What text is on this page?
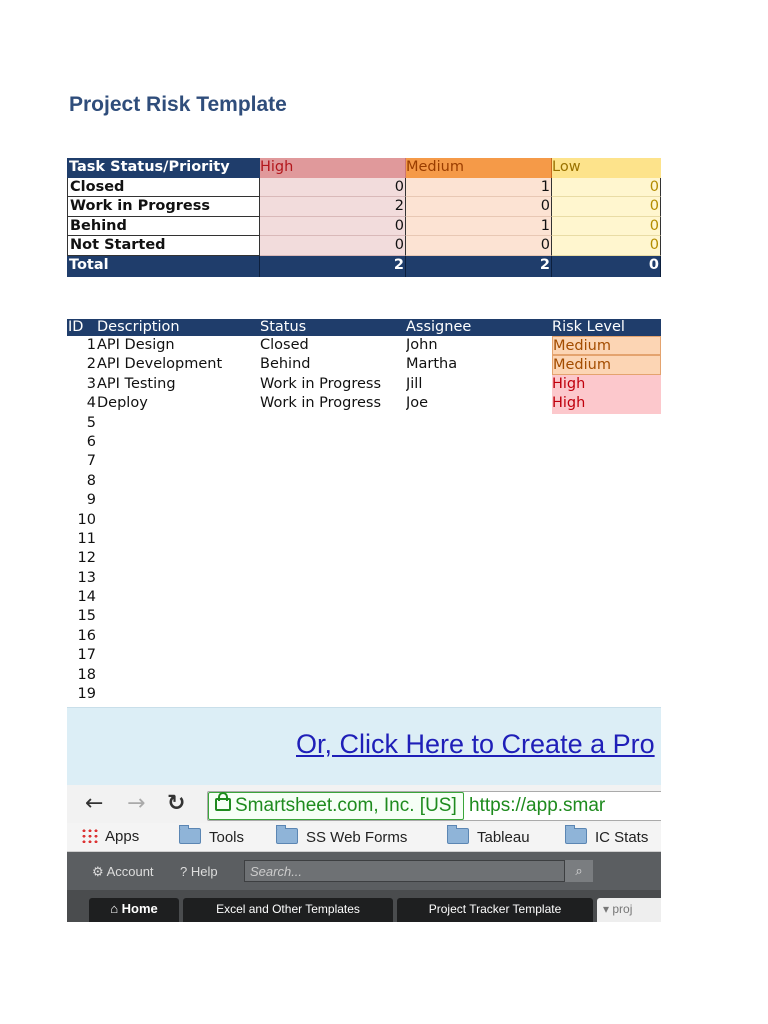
Project Risk Template
Task Status/Priority	High	Medium	Low
Closed	0	1	0
Work in Progress	2	0	0
Behind	0	1	0
Not Started	0	0	0
Total	2	2	0
ID Description	Status	Assignee	Risk Level
1 API Design	Closed	John	Medium
2 API Development	Behind	Martha	Medium
3 API Testing	Work in Progress	Jill	High
4 Deploy	Work in Progress	Joe	High
5
6
7
8
9
10
11
12
13
14
15
16
17
18
19
Or, Click Here to Create a Pro
← → ↻	Smartsheet.com, Inc. [US] https://app.smar
Apps	Tools	SS Web Forms	Tableau	IC Stats
⚙ Account ? Help	Search...	⌕
⌂ Home	Excel and Other Templates	Project Tracker Template	▾ proj
